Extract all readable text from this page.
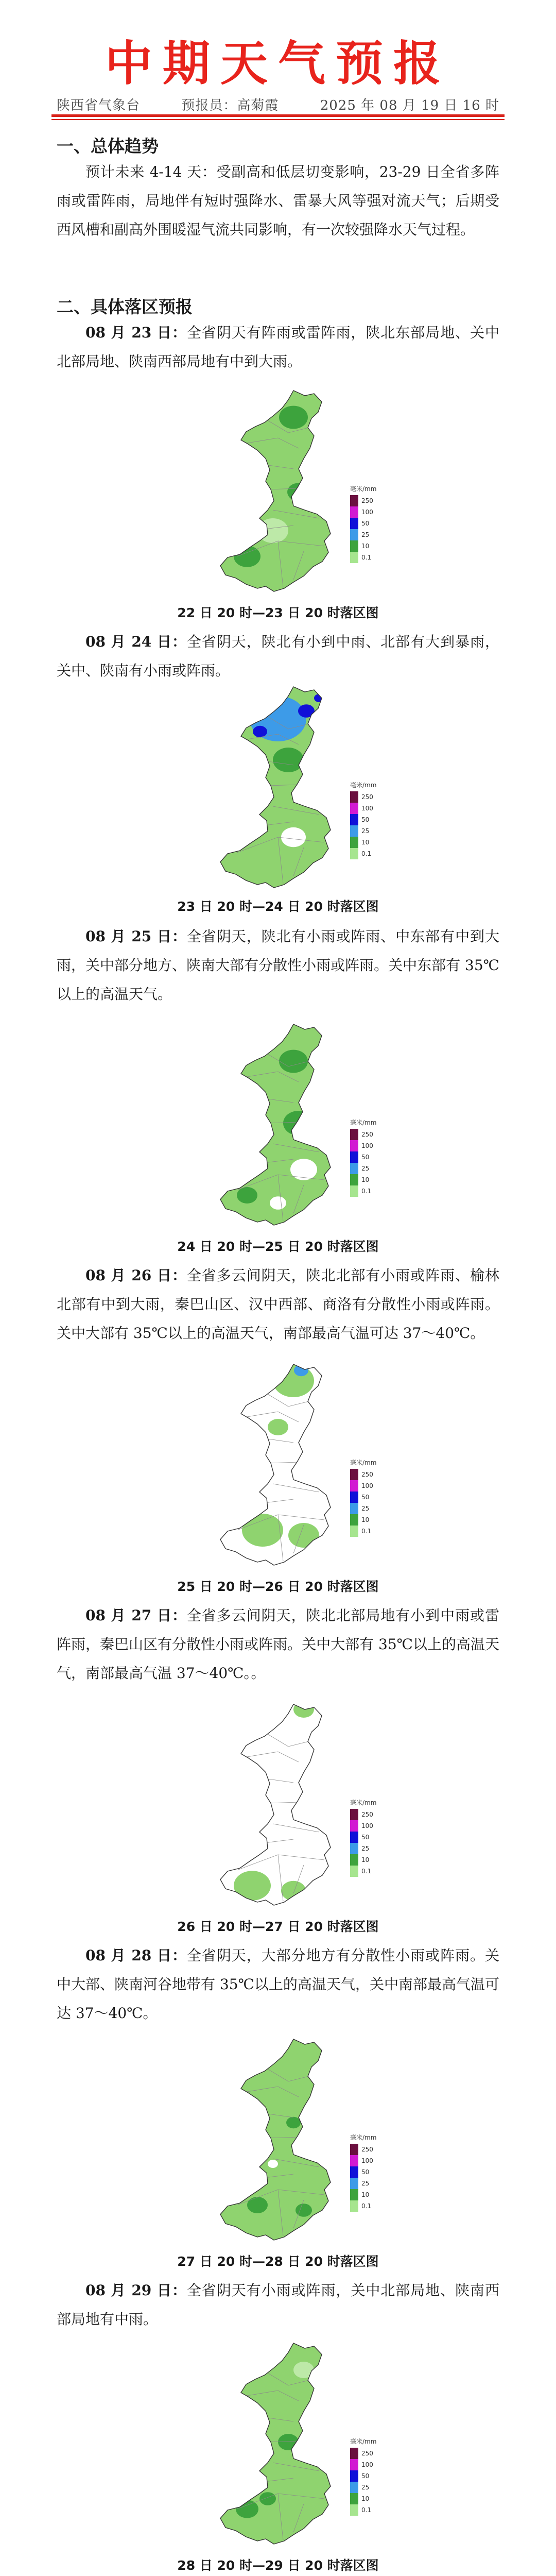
中期天气预报
陕西省气象台	预报员：高菊霞	2025 年 08 月 19 日 16 时
一、总体趋势

预计未来 4-14 天：受副高和低层切变影响，23-29 日全省多阵雨或雷阵雨，局地伴有短时强降水、雷暴大风等强对流天气；后期受西风槽和副高外围暖湿气流共同影响，有一次较强降水天气过程。

二、具体落区预报

08 月 23 日：全省阴天有阵雨或雷阵雨，陕北东部局地、关中北部局地、陕南西部局地有中到大雨。

毫米/mm
250
100
50
25
10
0.1
22 日 20 时—23 日 20 时落区图

08 月 24 日：全省阴天，陕北有小到中雨、北部有大到暴雨，关中、陕南有小雨或阵雨。

毫米/mm
250
100
50
25
10
0.1
23 日 20 时—24 日 20 时落区图

08 月 25 日：全省阴天，陕北有小雨或阵雨、中东部有中到大雨，关中部分地方、陕南大部有分散性小雨或阵雨。关中东部有 35℃以上的高温天气。

毫米/mm
250
100
50
25
10
0.1
24 日 20 时—25 日 20 时落区图

08 月 26 日：全省多云间阴天，陕北北部有小雨或阵雨、榆林北部有中到大雨，秦巴山区、汉中西部、商洛有分散性小雨或阵雨。关中大部有 35℃以上的高温天气，南部最高气温可达 37～40℃。

毫米/mm
250
100
50
25
10
0.1
25 日 20 时—26 日 20 时落区图

08 月 27 日：全省多云间阴天，陕北北部局地有小到中雨或雷阵雨，秦巴山区有分散性小雨或阵雨。关中大部有 35℃以上的高温天气，南部最高气温 37～40℃。。

毫米/mm
250
100
50
25
10
0.1
26 日 20 时—27 日 20 时落区图

08 月 28 日：全省阴天，大部分地方有分散性小雨或阵雨。关中大部、陕南河谷地带有 35℃以上的高温天气，关中南部最高气温可达 37～40℃。

毫米/mm
250
100
50
25
10
0.1
27 日 20 时—28 日 20 时落区图

08 月 29 日：全省阴天有小雨或阵雨，关中北部局地、陕南西部局地有中雨。

毫米/mm
250
100
50
25
10
0.1
28 日 20 时—29 日 20 时落区图
